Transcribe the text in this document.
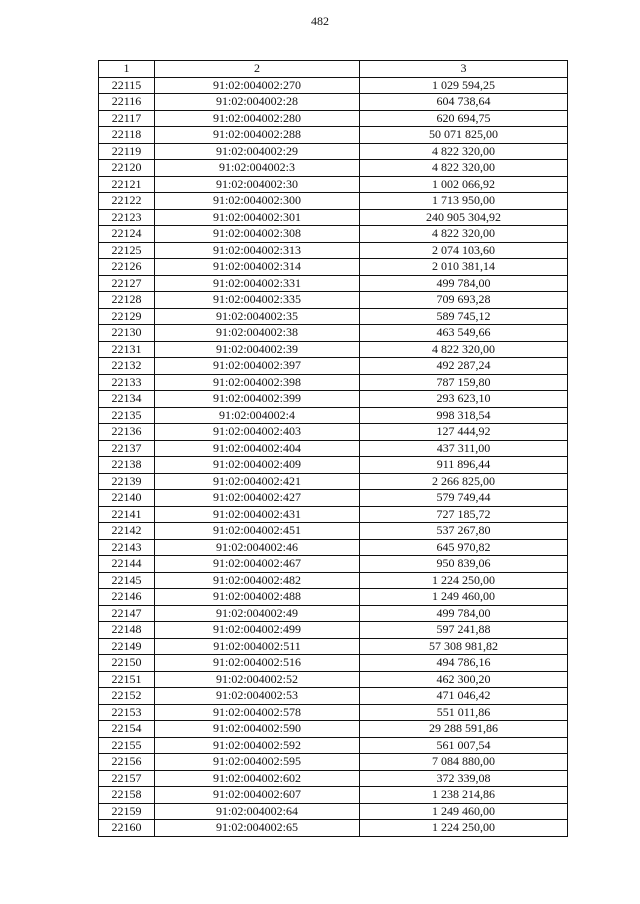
482
1	2	3
22115	91:02:004002:270	1 029 594,25
22116	91:02:004002:28	604 738,64
22117	91:02:004002:280	620 694,75
22118	91:02:004002:288	50 071 825,00
22119	91:02:004002:29	4 822 320,00
22120	91:02:004002:3	4 822 320,00
22121	91:02:004002:30	1 002 066,92
22122	91:02:004002:300	1 713 950,00
22123	91:02:004002:301	240 905 304,92
22124	91:02:004002:308	4 822 320,00
22125	91:02:004002:313	2 074 103,60
22126	91:02:004002:314	2 010 381,14
22127	91:02:004002:331	499 784,00
22128	91:02:004002:335	709 693,28
22129	91:02:004002:35	589 745,12
22130	91:02:004002:38	463 549,66
22131	91:02:004002:39	4 822 320,00
22132	91:02:004002:397	492 287,24
22133	91:02:004002:398	787 159,80
22134	91:02:004002:399	293 623,10
22135	91:02:004002:4	998 318,54
22136	91:02:004002:403	127 444,92
22137	91:02:004002:404	437 311,00
22138	91:02:004002:409	911 896,44
22139	91:02:004002:421	2 266 825,00
22140	91:02:004002:427	579 749,44
22141	91:02:004002:431	727 185,72
22142	91:02:004002:451	537 267,80
22143	91:02:004002:46	645 970,82
22144	91:02:004002:467	950 839,06
22145	91:02:004002:482	1 224 250,00
22146	91:02:004002:488	1 249 460,00
22147	91:02:004002:49	499 784,00
22148	91:02:004002:499	597 241,88
22149	91:02:004002:511	57 308 981,82
22150	91:02:004002:516	494 786,16
22151	91:02:004002:52	462 300,20
22152	91:02:004002:53	471 046,42
22153	91:02:004002:578	551 011,86
22154	91:02:004002:590	29 288 591,86
22155	91:02:004002:592	561 007,54
22156	91:02:004002:595	7 084 880,00
22157	91:02:004002:602	372 339,08
22158	91:02:004002:607	1 238 214,86
22159	91:02:004002:64	1 249 460,00
22160	91:02:004002:65	1 224 250,00
